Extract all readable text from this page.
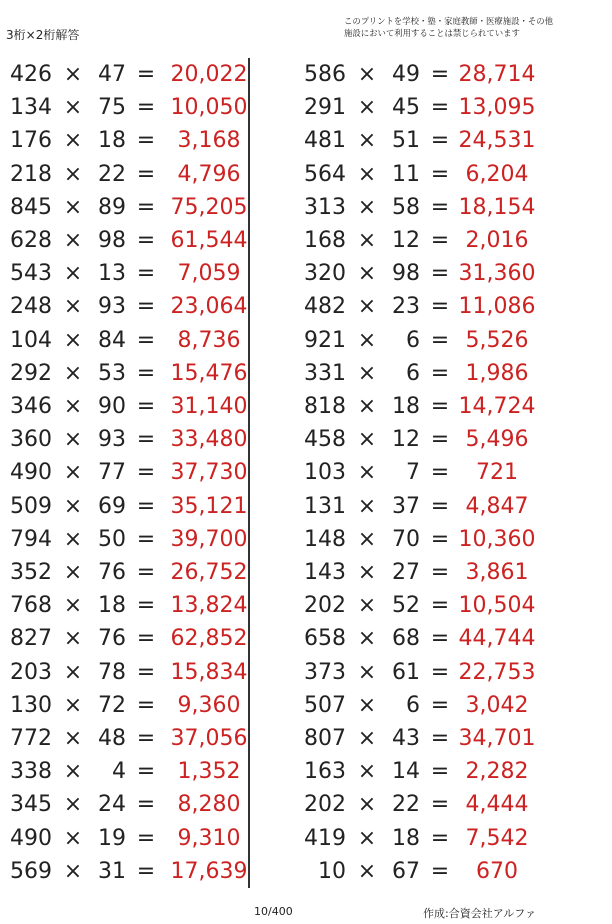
3桁×2桁解答
このプリントを学校・塾・家庭教師・医療施設・その他
施設において利用することは禁じられています
426 × 47 = 20,022
134 × 75 = 10,050
176 × 18 =	3,168
218 × 22 =	4,796
845 × 89 = 75,205
628 × 98 = 61,544
543 × 13 =	7,059
248 × 93 = 23,064
104 × 84 =	8,736
292 × 53 = 15,476
346 × 90 = 31,140
360 × 93 = 33,480
490 × 77 = 37,730
509 × 69 = 35,121
794 × 50 = 39,700
352 × 76 = 26,752
768 × 18 = 13,824
827 × 76 = 62,852
203 × 78 = 15,834
130 × 72 =	9,360
772 × 48 = 37,056
338 ×	4 =	1,352
345 × 24 =	8,280
490 × 19 =	9,310
569 × 31 = 17,639
586 × 49 = 28,714
291 × 45 = 13,095
481 × 51 = 24,531
564 × 11 = 6,204
313 × 58 = 18,154
168 × 12 = 2,016
320 × 98 = 31,360
482 × 23 = 11,086
921 ×	6 = 5,526
331 ×	6 = 1,986
818 × 18 = 14,724
458 × 12 = 5,496
103 ×	7 =	721
131 × 37 = 4,847
148 × 70 = 10,360
143 × 27 = 3,861
202 × 52 = 10,504
658 × 68 = 44,744
373 × 61 = 22,753
507 ×	6 = 3,042
807 × 43 = 34,701
163 × 14 = 2,282
202 × 22 = 4,444
419 × 18 = 7,542
10 × 67 =	670
10/400	作成:合資会社アルファ
